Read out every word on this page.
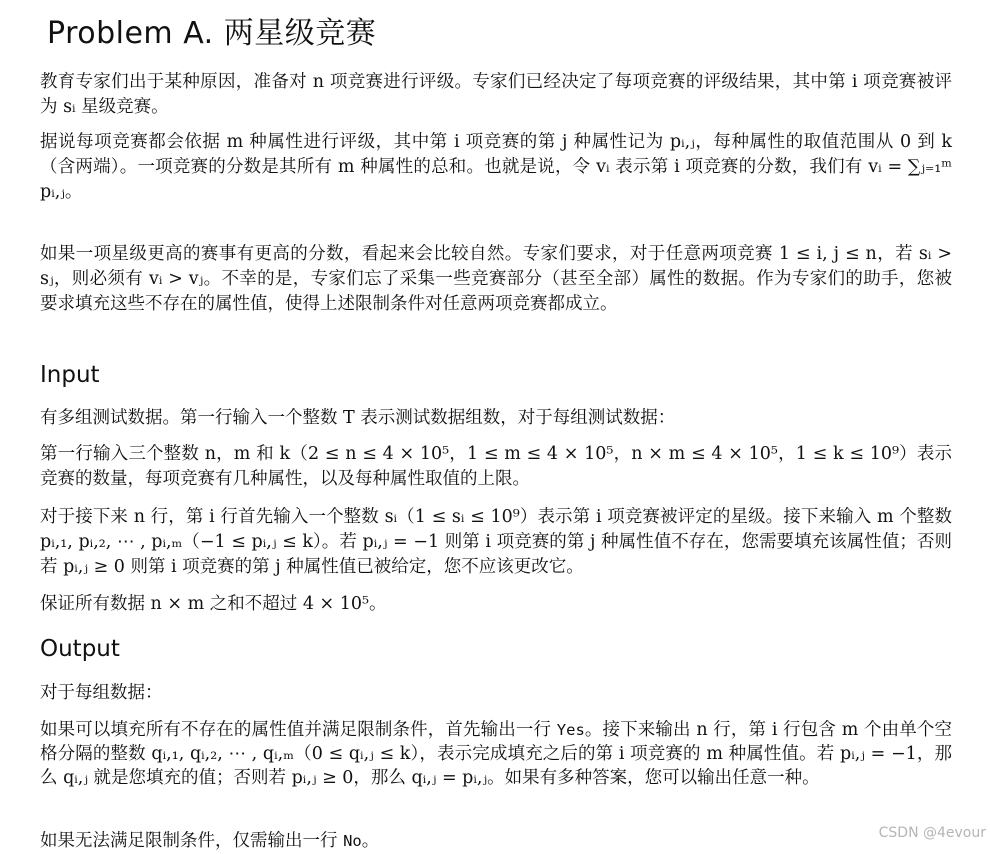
Problem A. 两星级竞赛

教育专家们出于某种原因，准备对 n 项竞赛进行评级。专家们已经决定了每项竞赛的评级结果，其中第 i 项竞赛被评为 sᵢ 星级竞赛。

据说每项竞赛都会依据 m 种属性进行评级，其中第 i 项竞赛的第 j 种属性记为 pᵢ,ⱼ，每种属性的取值范围从 0 到 k（含两端）。一项竞赛的分数是其所有 m 种属性的总和。也就是说，令 vᵢ 表示第 i 项竞赛的分数，我们有 vᵢ = ∑ⱼ₌₁ᵐ pᵢ,ⱼ。

如果一项星级更高的赛事有更高的分数，看起来会比较自然。专家们要求，对于任意两项竞赛 1 ≤ i, j ≤ n，若 sᵢ > sⱼ，则必须有 vᵢ > vⱼ。不幸的是，专家们忘了采集一些竞赛部分（甚至全部）属性的数据。作为专家们的助手，您被要求填充这些不存在的属性值，使得上述限制条件对任意两项竞赛都成立。

Input

有多组测试数据。第一行输入一个整数 T 表示测试数据组数，对于每组测试数据：

第一行输入三个整数 n，m 和 k（2 ≤ n ≤ 4 × 10⁵，1 ≤ m ≤ 4 × 10⁵，n × m ≤ 4 × 10⁵，1 ≤ k ≤ 10⁹）表示竞赛的数量，每项竞赛有几种属性，以及每种属性取值的上限。

对于接下来 n 行，第 i 行首先输入一个整数 sᵢ（1 ≤ sᵢ ≤ 10⁹）表示第 i 项竞赛被评定的星级。接下来输入 m 个整数 pᵢ,₁, pᵢ,₂, ⋯ , pᵢ,ₘ（−1 ≤ pᵢ,ⱼ ≤ k）。若 pᵢ,ⱼ = −1 则第 i 项竞赛的第 j 种属性值不存在，您需要填充该属性值；否则若 pᵢ,ⱼ ≥ 0 则第 i 项竞赛的第 j 种属性值已被给定，您不应该更改它。

保证所有数据 n × m 之和不超过 4 × 10⁵。

Output

对于每组数据：

如果可以填充所有不存在的属性值并满足限制条件，首先输出一行 Yes。接下来输出 n 行，第 i 行包含 m 个由单个空格分隔的整数 qᵢ,₁, qᵢ,₂, ⋯ , qᵢ,ₘ（0 ≤ qᵢ,ⱼ ≤ k），表示完成填充之后的第 i 项竞赛的 m 种属性值。若 pᵢ,ⱼ = −1，那么 qᵢ,ⱼ 就是您填充的值；否则若 pᵢ,ⱼ ≥ 0，那么 qᵢ,ⱼ = pᵢ,ⱼ。如果有多种答案，您可以输出任意一种。

如果无法满足限制条件，仅需输出一行 No。	CSDN @4evour
